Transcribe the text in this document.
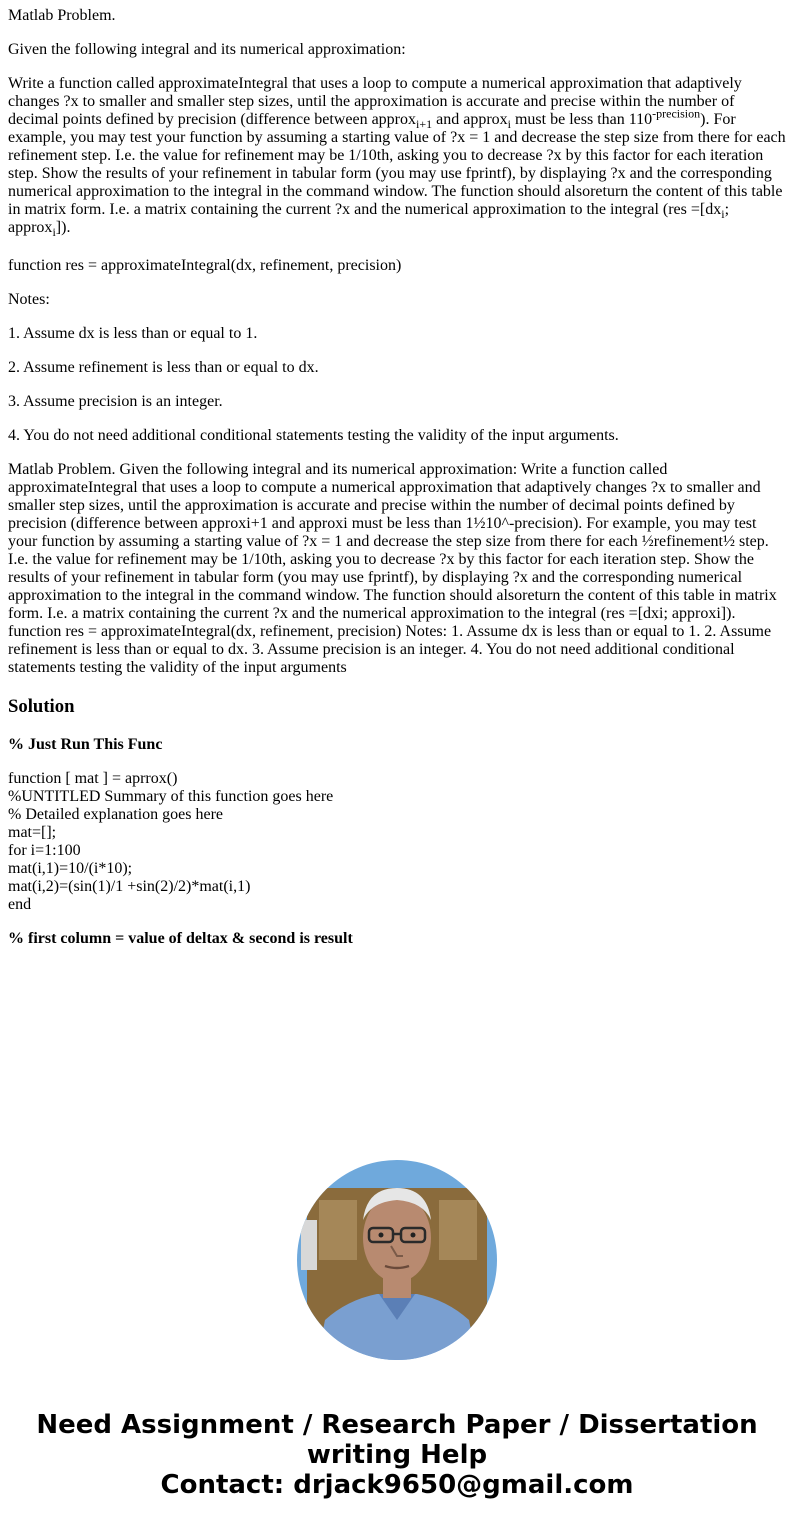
Matlab Problem.

Given the following integral and its numerical approximation:

Write a function called approximateIntegral that uses a loop to compute a numerical approximation that adaptively changes ?x to smaller and smaller step sizes, until the approximation is accurate and precise within the number of decimal points defined by precision (difference between approx$_{i+1}$ and approx$_i$ must be less than $110^{-precision}$). For example, you may test your function by assuming a starting value of ?x = 1 and decrease the step size from there for each refinement step. I.e. the value for refinement may be 1/10th, asking you to decrease ?x by this factor for each iteration step. Show the results of your refinement in tabular form (you may use fprintf), by displaying ?x and the corresponding numerical approximation to the integral in the command window. The function should alsoreturn the content of this table in matrix form. I.e. a matrix containing the current ?x and the numerical approximation to the integral ($res =[dx_i$; approx$_i$]).

function res = approximateIntegral(dx, refinement, precision)

Notes:

1. Assume dx is less than or equal to 1.

2. Assume refinement is less than or equal to dx.

3. Assume precision is an integer.

4. You do not need additional conditional statements testing the validity of the input arguments.

Matlab Problem. Given the following integral and its numerical approximation: Write a function called approximateIntegral that uses a loop to compute a numerical approximation that adaptively changes ?x to smaller and smaller step sizes, until the approximation is accurate and precise within the number of decimal points defined by precision (difference between approxi+1 and approxi must be less than 1½10^-precision). For example, you may test your function by assuming a starting value of ?x = 1 and decrease the step size from there for each ½refinement½ step. I.e. the value for refinement may be 1/10th, asking you to decrease ?x by this factor for each iteration step. Show the results of your refinement in tabular form (you may use fprintf), by displaying ?x and the corresponding numerical approximation to the integral in the command window. The function should alsoreturn the content of this table in matrix form. I.e. a matrix containing the current ?x and the numerical approximation to the integral (res =[dxi; approxi]). function res = approximateIntegral(dx, refinement, precision) Notes: 1. Assume dx is less than or equal to 1. 2. Assume refinement is less than or equal to dx. 3. Assume precision is an integer. 4. You do not need additional conditional statements testing the validity of the input arguments

Solution

% Just Run This Func

function [ mat ] = aprrox()
%UNTITLED Summary of this function goes here
% Detailed explanation goes here
mat=[];
for i=1:100
mat(i,1)=10/(i*10);
mat(i,2)=(sin(1)/1 +sin(2)/2)*mat(i,1)
end

% first column = value of deltax & second is result

Need Assignment / Research Paper / Dissertation
writing Help
Contact: drjack9650@gmail.com
